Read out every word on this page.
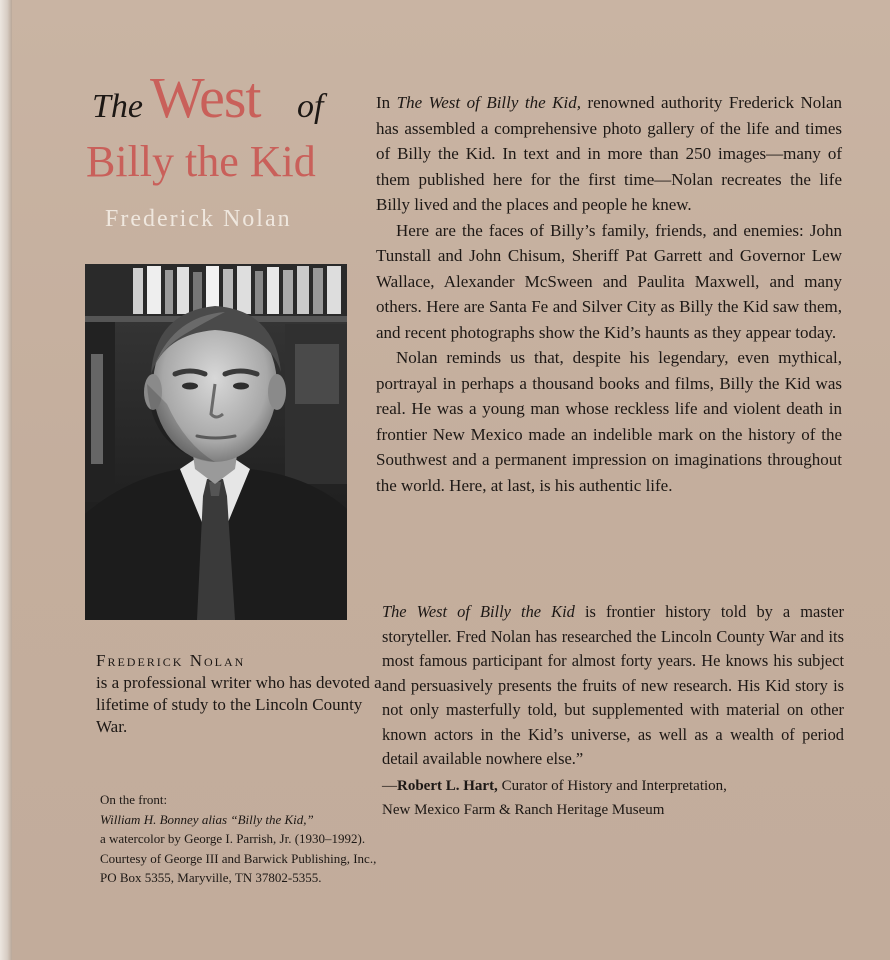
The West of
Billy the Kid
Frederick Nolan
Frederick Nolan
is a professional writer who has devoted a lifetime of study to the Lincoln County War.
On the front:
William H. Bonney alias “Billy the Kid,”
a watercolor by George I. Parrish, Jr. (1930–1992). Courtesy of George III and Barwick Publishing, Inc., PO Box 5355, Maryville, TN 37802-5355.

In The West of Billy the Kid, renowned authority Frederick Nolan has assembled a comprehensive photo gallery of the life and times of Billy the Kid. In text and in more than 250 images—many of them published here for the first time—Nolan recreates the life Billy lived and the places and people he knew.

Here are the faces of Billy’s family, friends, and enemies: John Tunstall and John Chisum, Sheriff Pat Garrett and Governor Lew Wallace, Alexander McSween and Paulita Maxwell, and many others. Here are Santa Fe and Silver City as Billy the Kid saw them, and recent photographs show the Kid’s haunts as they appear today.

Nolan reminds us that, despite his legendary, even mythical, portrayal in perhaps a thousand books and films, Billy the Kid was real. He was a young man whose reckless life and violent death in frontier New Mexico made an indelible mark on the history of the Southwest and a permanent impression on imaginations throughout the world. Here, at last, is his authentic life.

The West of Billy the Kid is frontier history told by a master storyteller. Fred Nolan has researched the Lincoln County War and its most famous participant for almost forty years. He knows his subject and persuasively presents the fruits of new research. His Kid story is not only masterfully told, but supplemented with material on other known actors in the Kid’s universe, as well as a wealth of period detail available nowhere else.”
—Robert L. Hart, Curator of History and Interpretation,
New Mexico Farm & Ranch Heritage Museum
